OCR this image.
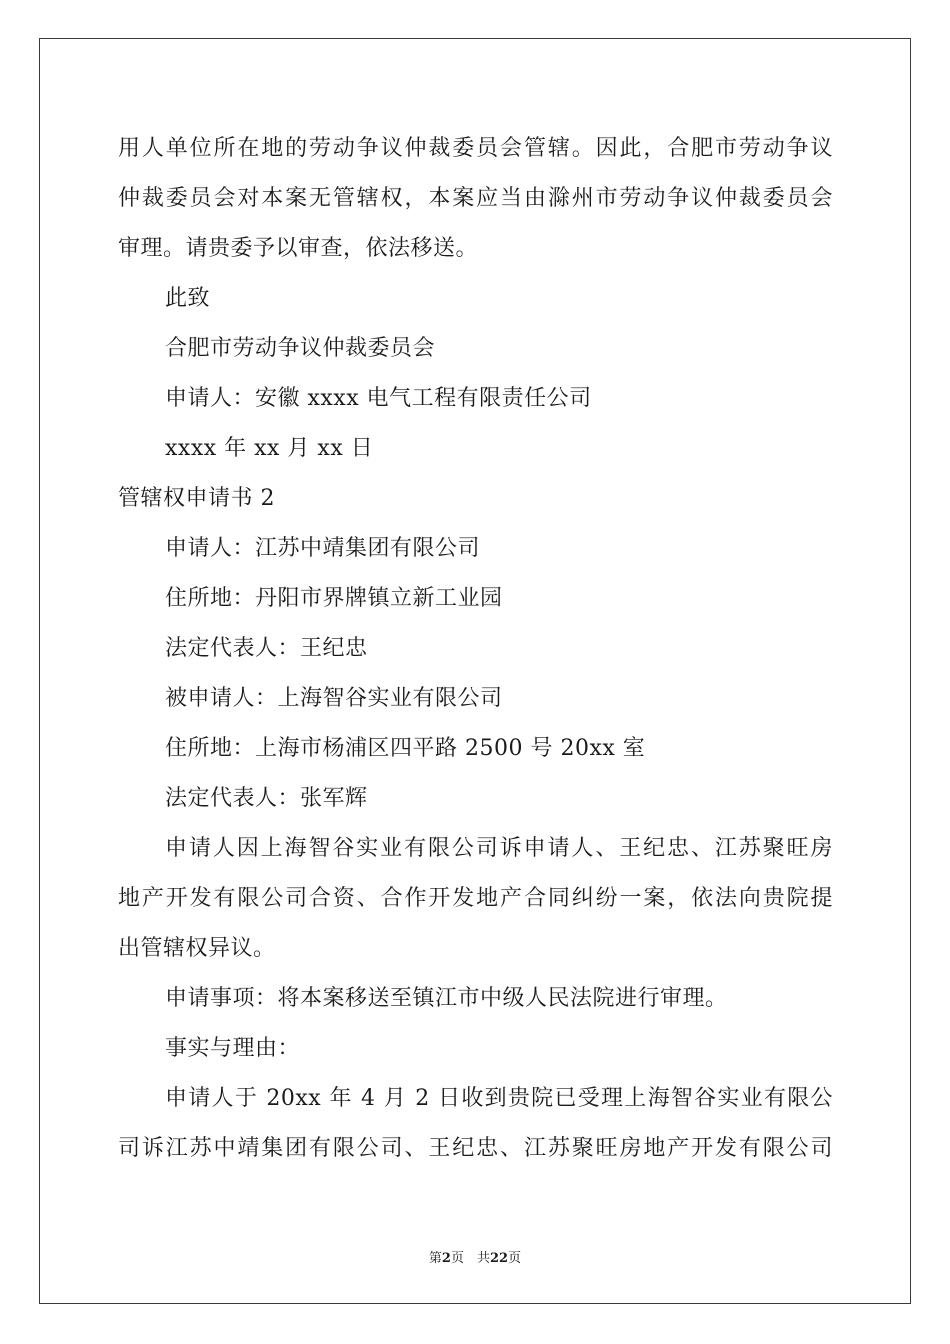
用人单位所在地的劳动争议仲裁委员会管辖。因此，合肥市劳动争议
仲裁委员会对本案无管辖权，本案应当由滁州市劳动争议仲裁委员会
审理。请贵委予以审查，依法移送。
此致
合肥市劳动争议仲裁委员会
申请人：安徽 xxxx 电气工程有限责任公司
xxxx 年 xx 月 xx 日
管辖权申请书 2
申请人：江苏中靖集团有限公司
住所地：丹阳市界牌镇立新工业园
法定代表人：王纪忠
被申请人：上海智谷实业有限公司
住所地：上海市杨浦区四平路 2500 号 20xx 室
法定代表人：张军辉
申请人因上海智谷实业有限公司诉申请人、王纪忠、江苏聚旺房
地产开发有限公司合资、合作开发地产合同纠纷一案，依法向贵院提
出管辖权异议。
申请事项：将本案移送至镇江市中级人民法院进行审理。
事实与理由：
申请人于 20xx 年 4 月 2 日收到贵院已受理上海智谷实业有限公
司诉江苏中靖集团有限公司、王纪忠、江苏聚旺房地产开发有限公司
第2页　共22页
